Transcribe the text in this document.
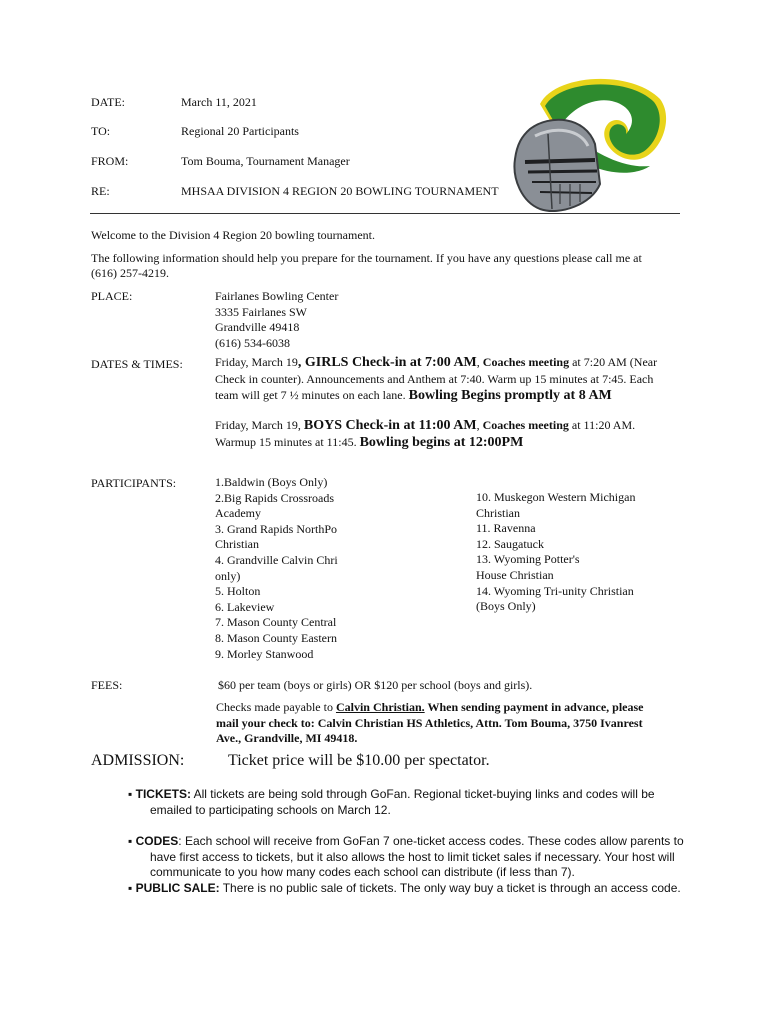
DATE:	March 11, 2021
TO:	Regional 20 Participants
FROM:	Tom Bouma, Tournament Manager
RE:	MHSAA DIVISION 4 REGION 20 BOWLING TOURNAMENT
Welcome to the Division 4 Region 20 bowling tournament.
The following information should help you prepare for the tournament. If you have any questions please call me at
(616) 257-4219.
PLACE:	Fairlanes Bowling Center
3335 Fairlanes SW
Grandville 49418
(616) 534-6038
DATES & TIMES:	Friday, March 19, GIRLS Check-in at 7:00 AM, Coaches meeting at 7:20 AM (Near
Check in counter). Announcements and Anthem at 7:40. Warm up 15 minutes at 7:45. Each
team will get 7 ½ minutes on each lane. Bowling Begins promptly at 8 AM
Friday, March 19, BOYS Check-in at 11:00 AM, Coaches meeting at 11:20 AM.
Warmup 15 minutes at 11:45. Bowling begins at 12:00PM
PARTICIPANTS:	1.Baldwin (Boys Only)
2.Big Rapids Crossroads
Academy
3. Grand Rapids NorthPo
Christian
4. Grandville Calvin Chri
only)
5. Holton
6. Lakeview
7. Mason County Central
8. Mason County Eastern
9. Morley Stanwood
10. Muskegon Western Michigan
Christian
11. Ravenna
12. Saugatuck
13. Wyoming Potter's
House Christian
14. Wyoming Tri-unity Christian
(Boys Only)
FEES:	$60 per team (boys or girls) OR $120 per school (boys and girls).
Checks made payable to Calvin Christian. When sending payment in advance, please
mail your check to: Calvin Christian HS Athletics, Attn. Tom Bouma, 3750 Ivanrest
Ave., Grandville, MI 49418.
ADMISSION:	Ticket price will be $10.00 per spectator.
▪ TICKETS: All tickets are being sold through GoFan. Regional ticket-buying links and codes will be emailed to participating schools on March 12.
▪ CODES: Each school will receive from GoFan 7 one-ticket access codes. These codes allow parents to have first access to tickets, but it also allows the host to limit ticket sales if necessary. Your host will communicate to you how many codes each school can distribute (if less than 7).
▪ PUBLIC SALE: There is no public sale of tickets. The only way buy a ticket is through an access code.
